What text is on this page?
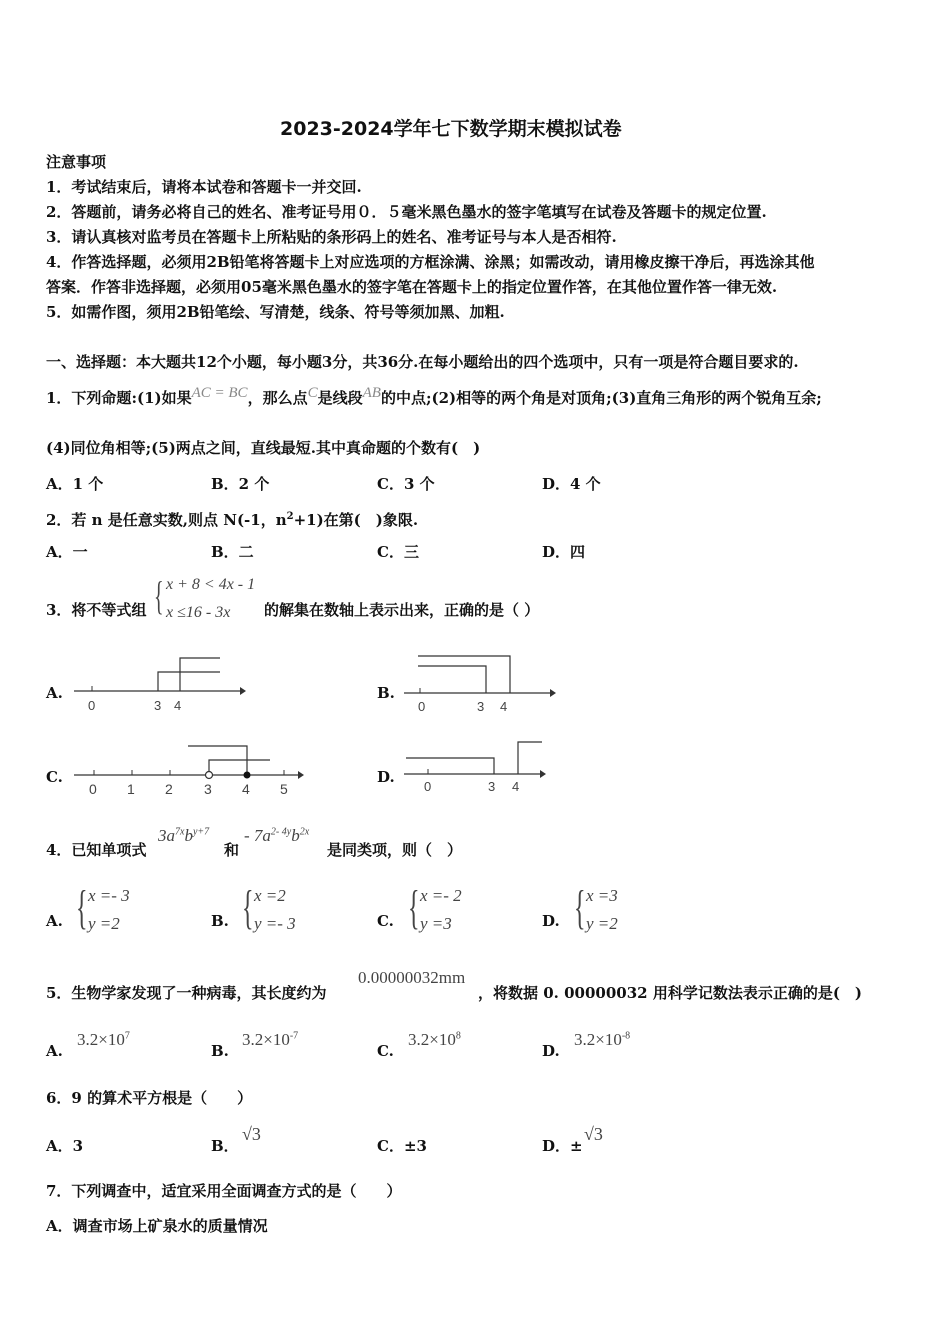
2023-2024学年七下数学期末模拟试卷
注意事项
1．考试结束后，请将本试卷和答题卡一并交回.
2．答题前，请务必将自己的姓名、准考证号用０．５毫米黑色墨水的签字笔填写在试卷及答题卡的规定位置.
3．请认真核对监考员在答题卡上所粘贴的条形码上的姓名、准考证号与本人是否相符.
4．作答选择题，必须用2B铅笔将答题卡上对应选项的方框涂满、涂黑；如需改动，请用橡皮擦干净后，再选涂其他
答案．作答非选择题，必须用05毫米黑色墨水的签字笔在答题卡上的指定位置作答，在其他位置作答一律无效.
5．如需作图，须用2B铅笔绘、写清楚，线条、符号等须加黑、加粗.
一、选择题：本大题共12个小题，每小题3分，共36分.在每小题给出的四个选项中，只有一项是符合题目要求的.
1．下列命题:(1)如果AC = BC，那么点C是线段AB的中点;(2)相等的两个角是对顶角;(3)直角三角形的两个锐角互余;
(4)同位角相等;(5)两点之间，直线最短.其中真命题的个数有(　)
A．1 个	B．2 个	C．3 个	D．4 个
2．若 n 是任意实数,则点 N(-1，$n^2+1$)在第(　)象限.
A．一	B．二	C．三	D．四
3．将不等式组 { x + 8 < 4x - 1
x ≤16 - 3x 的解集在数轴上表示出来，正确的是（ ）
A.
0	3 4
B.
0	3 4
C.
0 1 2 3 4 5
D.
0	3 4
4．已知单项式
$3a^{7x}b^{y+7}$
和
- $7a^{2- 4y}b^{2x}$
是同类项，则（　）
A. { x =- 3
y =2	B. { x =2
y =- 3	C. { x =- 2
y =3	D. { x =3
y =2
5．生物学家发现了一种病毒，其长度约为
0.00000032mm
，将数据 0. 00000032 用科学记数法表示正确的是(　)
A.
$3.2\times 10^7$
B.
$3.2\times 10^{-7}$
C.
$3.2\times 10^8$
D.
$3.2\times 10^{-8}$
6．9 的算术平方根是（　　）
A．3	B．
√3
C．±3	D．±
√3
7．下列调查中，适宜采用全面调查方式的是（　　）
A．调查市场上矿泉水的质量情况
